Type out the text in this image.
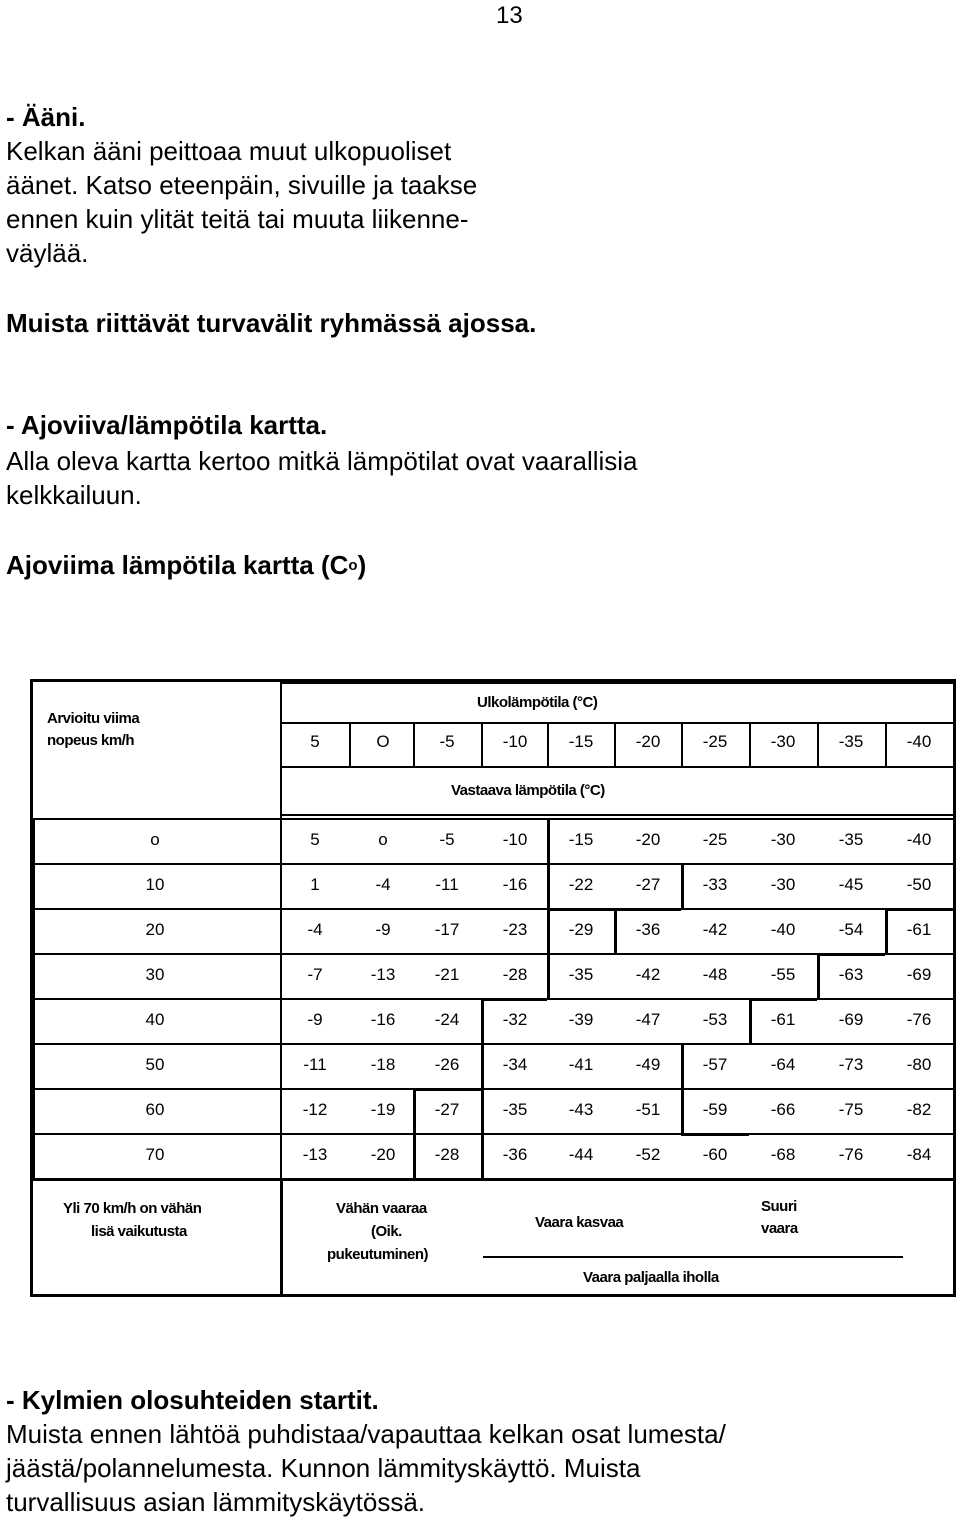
13
- Ääni.
Kelkan ääni peittoaa muut ulkopuoliset
äänet. Katso eteenpäin, sivuille ja taakse
ennen kuin ylität teitä tai muuta liikenne-
väylää.
Muista riittävät turvavälit ryhmässä ajossa.
- Ajoviiva/lämpötila kartta.
Alla oleva kartta kertoo mitkä lämpötilat ovat vaarallisia
kelkkailuun.
Ajoviima lämpötila kartta $(C^o)$
Arvioitu viima
nopeus km/h
Ulkolämpötila (°C)
Vastaava lämpötila (°C)
Yli 70 km/h on vähän
lisä vaikutusta
Vähän vaaraa
(Oik.
pukeutuminen)
Vaara kasvaa
Suuri
vaara
Vaara paljaalla iholla
5	O	-5	-10	-15	-20	-25	-30	-35	-40
o	5	o	-5	-10	-15	-20	-25	-30	-35	-40
10	1	-4	-11	-16	-22	-27	-33	-30	-45	-50
20	-4	-9	-17	-23	-29	-36	-42	-40	-54	-61
30	-7	-13	-21	-28	-35	-42	-48	-55	-63	-69
40	-9	-16	-24	-32	-39	-47	-53	-61	-69	-76
50	-11	-18	-26	-34	-41	-49	-57	-64	-73	-80
60	-12	-19	-27	-35	-43	-51	-59	-66	-75	-82
70	-13	-20	-28	-36	-44	-52	-60	-68	-76	-84
- Kylmien olosuhteiden startit.
Muista ennen lähtöä puhdistaa/vapauttaa kelkan osat lumesta/
jäästä/polannelumesta. Kunnon lämmityskäyttö. Muista
turvallisuus asian lämmityskäytössä.
